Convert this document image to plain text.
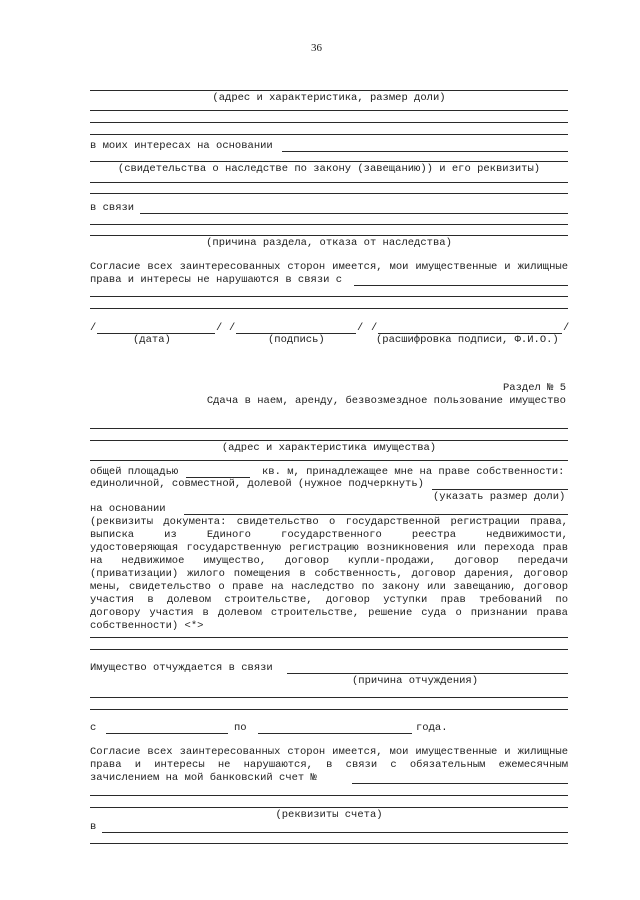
36
(адрес и характеристика, размер доли)
в моих интересах на основании
(свидетельства о наследстве по закону (завещанию)) и его реквизиты)
в связи
(причина раздела, отказа от наследства)
Согласие всех заинтересованных сторон имеется, мои имущественные и жилищные
права и интересы не нарушаются в связи с
/	/ /	/ /	/
(дата)	(подпись)	(расшифровка подписи, Ф.И.О.)
Раздел № 5
Сдача в наем, аренду, безвозмездное пользование имущество
(адрес и характеристика имущества)
общей площадью	кв. м, принадлежащее мне на праве собственности:
единоличной, совместной, долевой (нужное подчеркнуть)
(указать размер доли)
на основании
(реквизиты документа: свидетельство о государственной регистрации права,
выписка из Единого государственного реестра недвижимости,
удостоверяющая государственную регистрацию возникновения или перехода прав
на недвижимое имущество, договор купли-продажи, договор передачи
(приватизации) жилого помещения в собственность, договор дарения, договор
мены, свидетельство о праве на наследство по закону или завещанию, договор
участия в долевом строительстве, договор уступки прав требований по
договору участия в долевом строительстве, решение суда о признании права
собственности) <*>
Имущество отчуждается в связи
(причина отчуждения)
с	по	года.
Согласие всех заинтересованных сторон имеется, мои имущественные и жилищные
права и интересы не нарушаются, в связи с обязательным ежемесячным
зачислением на мой банковский счет №
(реквизиты счета)
в
